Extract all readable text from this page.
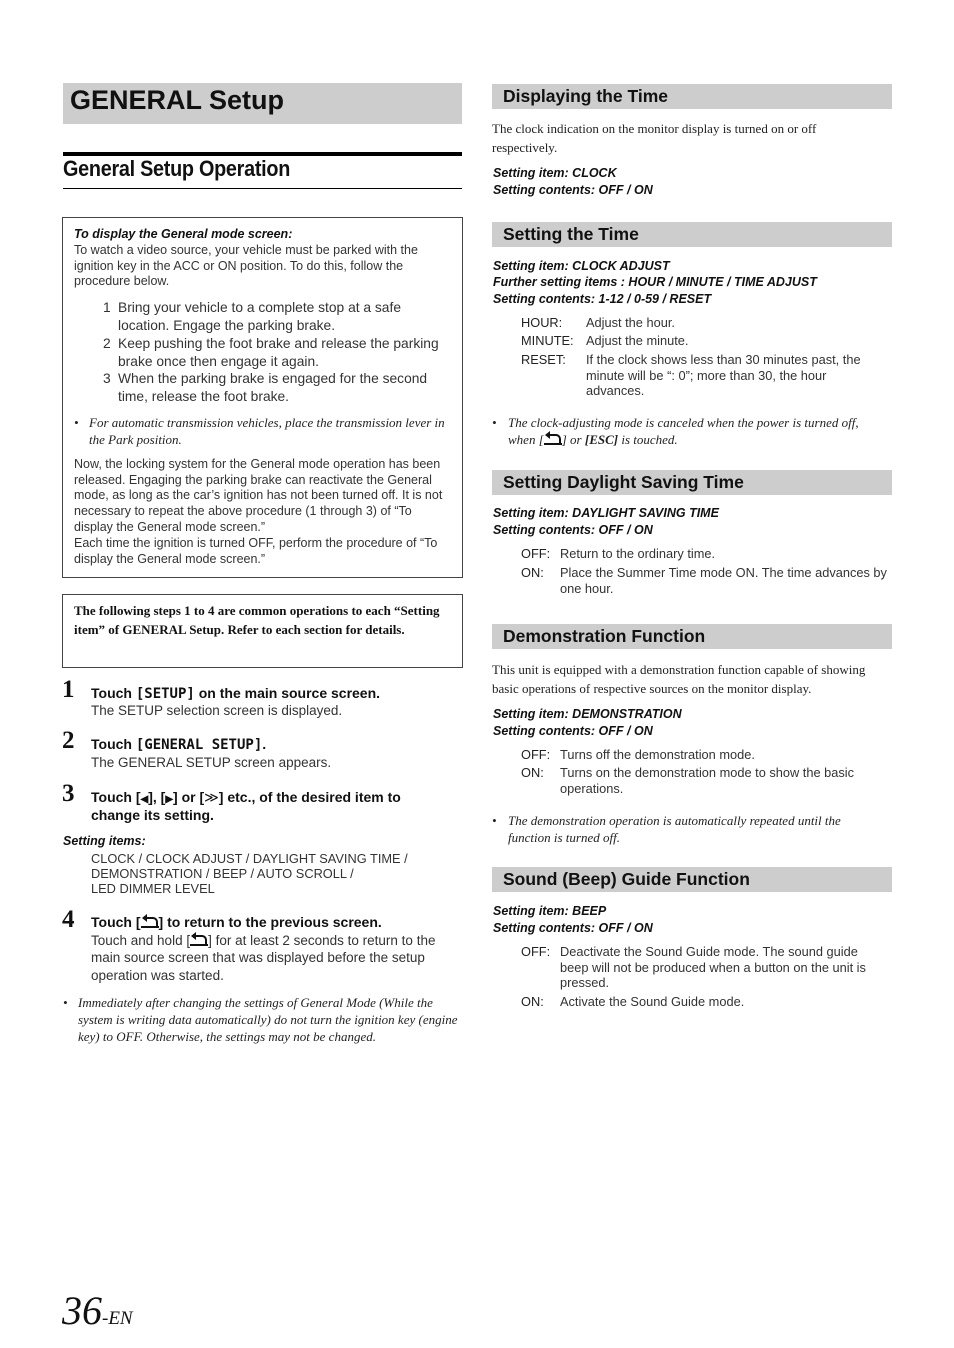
GENERAL Setup
General Setup Operation
To display the General mode screen:
To watch a video source, your vehicle must be parked with the ignition key in the ACC or ON position. To do this, follow the procedure below.
1 Bring your vehicle to a complete stop at a safe location. Engage the parking brake.
2 Keep pushing the foot brake and release the parking brake once then engage it again.
3 When the parking brake is engaged for the second time, release the foot brake.
• For automatic transmission vehicles, place the transmission lever in the Park position.
Now, the locking system for the General mode operation has been released. Engaging the parking brake can reactivate the General mode, as long as the car’s ignition has not been turned off. It is not necessary to repeat the above procedure (1 through 3) of “To display the General mode screen.”
Each time the ignition is turned OFF, perform the procedure of “To display the General mode screen.”
The following steps 1 to 4 are common operations to each “Setting item” of GENERAL Setup. Refer to each section for details.
1 Touch [SETUP] on the main source screen.
The SETUP selection screen is displayed.
2 Touch [GENERAL SETUP].
The GENERAL SETUP screen appears.
3 Touch [◀], [▶] or [≫] etc., of the desired item to
change its setting.
Setting items:
CLOCK / CLOCK ADJUST / DAYLIGHT SAVING TIME /
DEMONSTRATION / BEEP / AUTO SCROLL /
LED DIMMER LEVEL
4 Touch [ ] to return to the previous screen.
Touch and hold [ ] for at least 2 seconds to return to the
main source screen that was displayed before the setup
operation was started.
• Immediately after changing the settings of General Mode (While the system is writing data automatically) do not turn the ignition key (engine key) to OFF. Otherwise, the settings may not be changed.
Displaying the Time
The clock indication on the monitor display is turned on or off respectively.
Setting item: CLOCK
Setting contents: OFF / ON
Setting the Time
Setting item: CLOCK ADJUST
Further setting items : HOUR / MINUTE / TIME ADJUST
Setting contents: 1-12 / 0-59 / RESET
HOUR: Adjust the hour.
MINUTE: Adjust the minute.
RESET: If the clock shows less than 30 minutes past, the minute will be “: 0”; more than 30, the hour advances.
• The clock-adjusting mode is canceled when the power is turned off, when [ ] or [ESC] is touched.
Setting Daylight Saving Time
Setting item: DAYLIGHT SAVING TIME
Setting contents: OFF / ON
OFF: Return to the ordinary time.
ON: Place the Summer Time mode ON. The time advances by one hour.
Demonstration Function
This unit is equipped with a demonstration function capable of showing basic operations of respective sources on the monitor display.
Setting item: DEMONSTRATION
Setting contents: OFF / ON
OFF: Turns off the demonstration mode.
ON: Turns on the demonstration mode to show the basic operations.
• The demonstration operation is automatically repeated until the function is turned off.
Sound (Beep) Guide Function
Setting item: BEEP
Setting contents: OFF / ON
OFF: Deactivate the Sound Guide mode. The sound guide beep will not be produced when a button on the unit is pressed.
ON: Activate the Sound Guide mode.
36-EN
